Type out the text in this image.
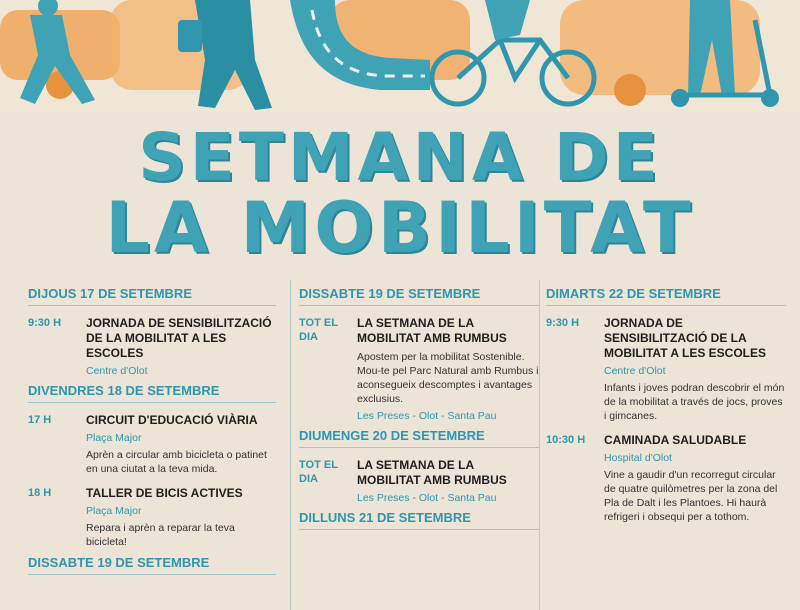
SETMANA DE
LA MOBILITAT
DIJOUS 17 DE SETEMBRE
9:30 H	JORNADA DE SENSIBILITZACIÓ DE LA MOBILITAT A LES ESCOLES
Centre d'Olot
DIVENDRES 18 DE SETEMBRE
17 H	CIRCUIT D'EDUCACIÓ VIÀRIA
Plaça Major
Aprèn a circular amb bicicleta o patinet en una ciutat a la teva mida.
18 H	TALLER DE BICIS ACTIVES
Plaça Major
Repara i aprèn a reparar la teva bicicleta!
DISSABTE 19 DE SETEMBRE
DISSABTE 19 DE SETEMBRE
TOT EL DIA
LA SETMANA DE LA MOBILITAT AMB RUMBUS
Apostem per la mobilitat Sostenible. Mou-te pel Parc Natural amb Rumbus i aconsegueix descomptes i avantages exclusius.
Les Preses - Olot - Santa Pau
DIUMENGE 20 DE SETEMBRE
TOT EL DIA
LA SETMANA DE LA MOBILITAT AMB RUMBUS
Les Preses - Olot - Santa Pau
DILLUNS 21 DE SETEMBRE
DIMARTS 22 DE SETEMBRE
9:30 H	JORNADA DE SENSIBILITZACIÓ DE LA MOBILITAT A LES ESCOLES
Centre d'Olot
Infants i joves podran descobrir el món de la mobilitat a través de jocs, proves i gimcanes.
10:30 H	CAMINADA SALUDABLE
Hospital d'Olot
Vine a gaudir d'un recorregut circular de quatre quilòmetres per la zona del Pla de Dalt i les Plantoes. Hi haurà refrigeri i obsequi per a tothom.
